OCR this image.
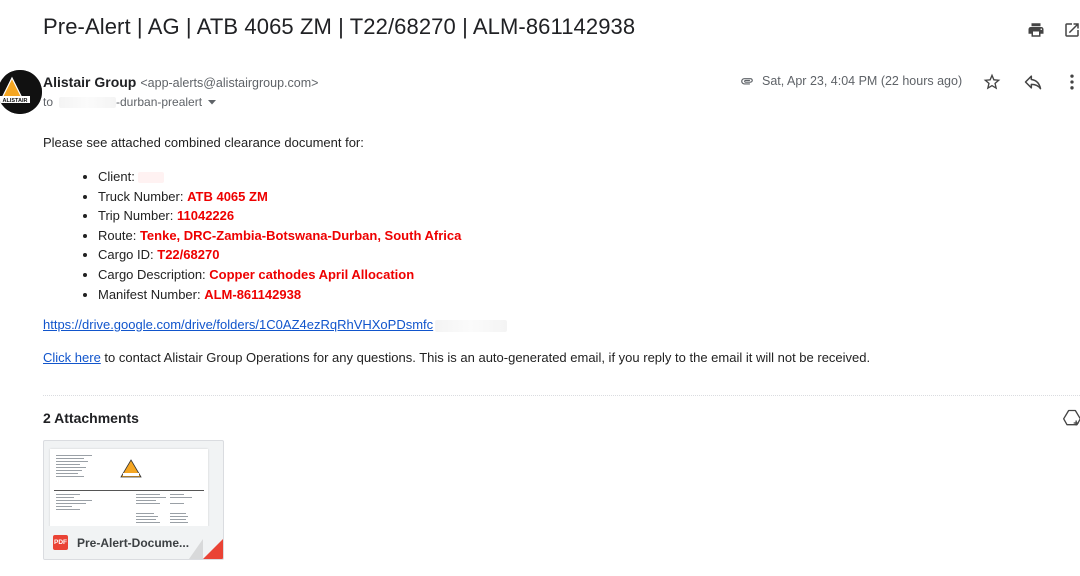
Pre-Alert | AG | ATB 4065 ZM | T22/68270 | ALM-861142938
ALISTAIR
Alistair Group <app-alerts@alistairgroup.com>
to	-durban-prealert
Sat, Apr 23, 4:04 PM (22 hours ago)
Please see attached combined clearance document for:
• Client:
• Truck Number: ATB 4065 ZM
• Trip Number: 11042226
• Route: Tenke, DRC-Zambia-Botswana-Durban, South Africa
• Cargo ID: T22/68270
• Cargo Description: Copper cathodes April Allocation
• Manifest Number: ALM-861142938
https://drive.google.com/drive/folders/1C0AZ4ezRqRhVHXoPDsmfc
Click here to contact Alistair Group Operations for any questions. This is an auto-generated email, if you reply to the email it will not be received.
2 Attachments
PDF Pre-Alert-Docume...
